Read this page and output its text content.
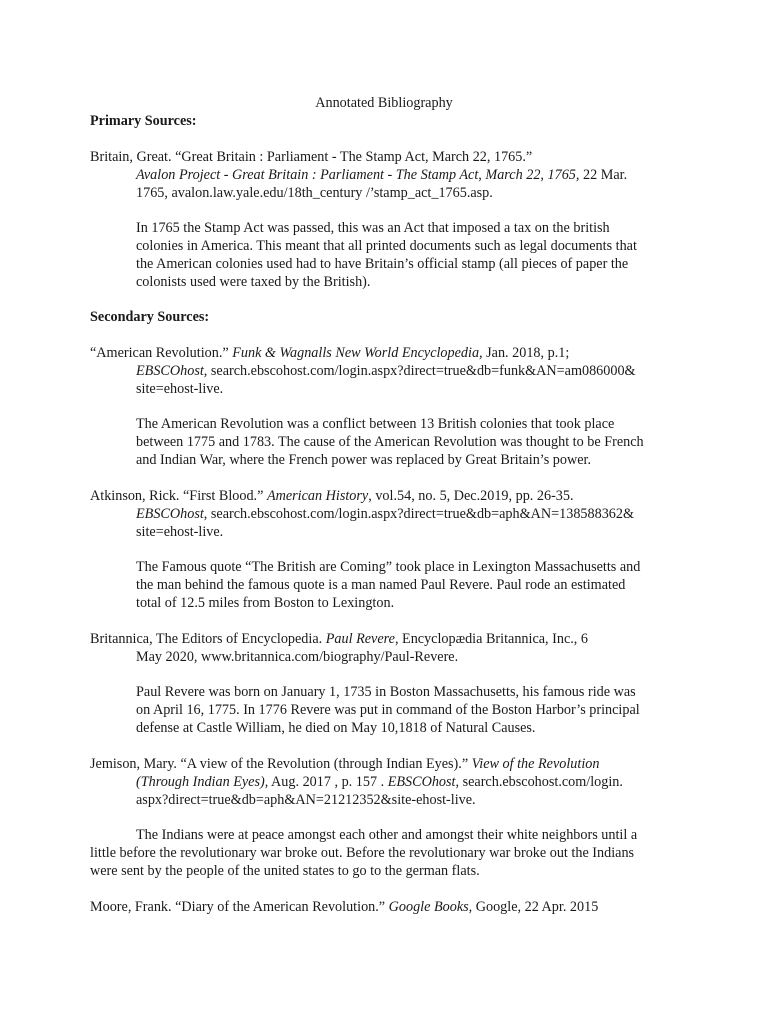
Annotated Bibliography
Primary Sources:
Britain, Great. “Great Britain : Parliament - The Stamp Act, March 22, 1765.”
Avalon Project - Great Britain : Parliament - The Stamp Act, March 22, 1765, 22 Mar.
1765, avalon.law.yale.edu/18th_century /’stamp_act_1765.asp.
In 1765 the Stamp Act was passed, this was an Act that imposed a tax on the british
colonies in America. This meant that all printed documents such as legal documents that
the American colonies used had to have Britain’s official stamp (all pieces of paper the
colonists used were taxed by the British).
Secondary Sources:
“American Revolution.” Funk & Wagnalls New World Encyclopedia, Jan. 2018, p.1;
EBSCOhost, search.ebscohost.com/login.aspx?direct=true&db=funk&AN=am086000&
site=ehost-live.
The American Revolution was a conflict between 13 British colonies that took place
between 1775 and 1783. The cause of the American Revolution was thought to be French
and Indian War, where the French power was replaced by Great Britain’s power.
Atkinson, Rick. “First Blood.” American History, vol.54, no. 5, Dec.2019, pp. 26-35.
EBSCOhost, search.ebscohost.com/login.aspx?direct=true&db=aph&AN=138588362&
site=ehost-live.
The Famous quote “The British are Coming” took place in Lexington Massachusetts and
the man behind the famous quote is a man named Paul Revere. Paul rode an estimated
total of 12.5 miles from Boston to Lexington.
Britannica, The Editors of Encyclopedia. Paul Revere, Encyclopædia Britannica, Inc., 6
May 2020, www.britannica.com/biography/Paul-Revere.
Paul Revere was born on January 1, 1735 in Boston Massachusetts, his famous ride was
on April 16, 1775. In 1776 Revere was put in command of the Boston Harbor’s principal
defense at Castle William, he died on May 10,1818 of Natural Causes.
Jemison, Mary. “A view of the Revolution (through Indian Eyes).” View of the Revolution
(Through Indian Eyes), Aug. 2017 , p. 157 . EBSCOhost, search.ebscohost.com/login.
aspx?direct=true&db=aph&AN=21212352&site-ehost-live.
The Indians were at peace amongst each other and amongst their white neighbors until a
little before the revolutionary war broke out. Before the revolutionary war broke out the Indians
were sent by the people of the united states to go to the german flats.
Moore, Frank. “Diary of the American Revolution.” Google Books, Google, 22 Apr. 2015
